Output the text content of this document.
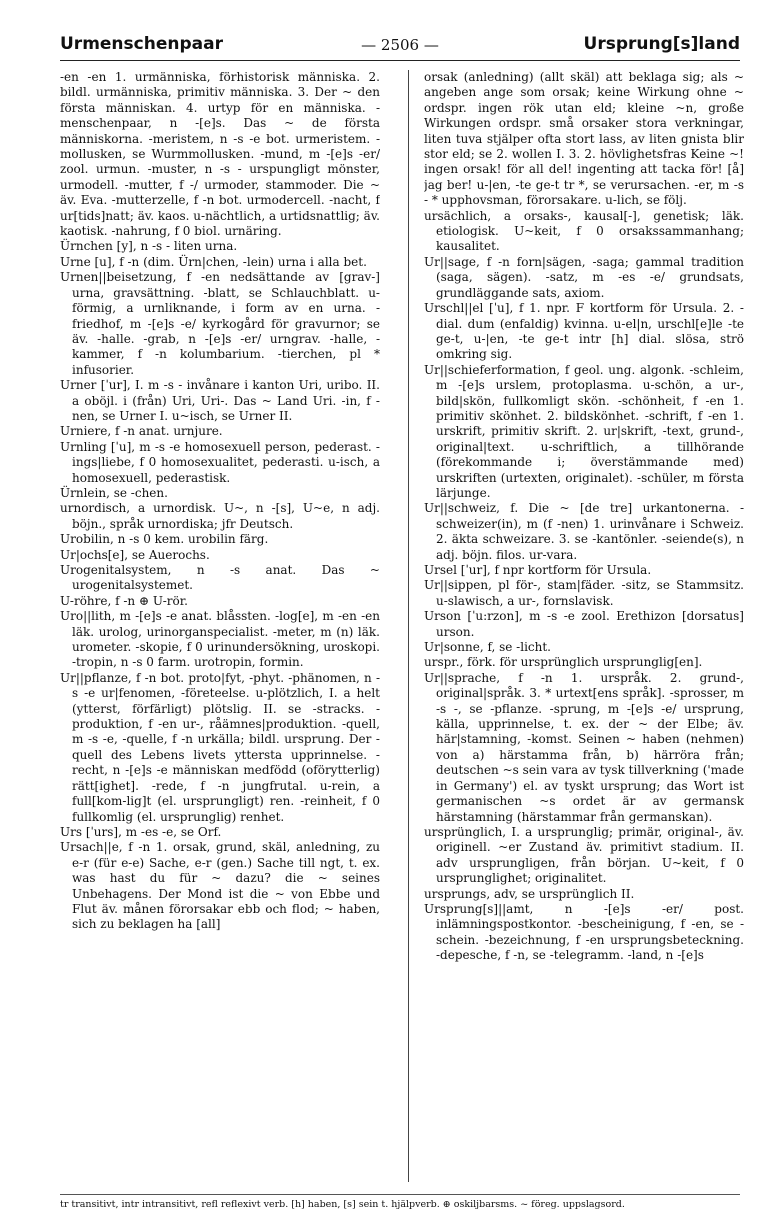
Urmenschenpaar	— 2506 —	Ursprung[s]land

-en -en 1. urmänniska, förhistorisk människa. 2. bildl. urmänniska, primitiv människa. 3. Der ~ den första människan. 4. urtyp för en människa. -menschenpaar, n -[e]s. Das ~ de första människorna. -meristem, n -s -e bot. urmeristem. -mollusken, se Wurmmollusken. -mund, m -[e]s -er/ zool. urmun. -muster, n -s - urspungligt mönster, urmodell. -mutter, f -/ urmoder, stammoder. Die ~ äv. Eva. -mutterzelle, f -n bot. urmodercell. -nacht, f ur[tids]natt; äv. kaos. u-nächtlich, a urtidsnattlig; äv. kaotisk. -nahrung, f 0 biol. urnäring.

Ürnchen [y], n -s - liten urna.

Urne [u], f -n (dim. Ürn|chen, -lein) urna i alla bet.

Urnen||beisetzung, f -en nedsättande av [grav-] urna, gravsättning. -blatt, se Schlauchblatt. u-förmig, a urnliknande, i form av en urna. -friedhof, m -[e]s -e/ kyrkogård för gravurnor; se äv. -halle. -grab, n -[e]s -er/ urngrav. -halle, -kammer, f -n kolumbarium. -tierchen, pl * infusorier.

Urner [ˈur], I. m -s - invånare i kanton Uri, uribo. II. a oböjl. i (från) Uri, Uri-. Das ~ Land Uri. -in, f -nen, se Urner I. u~isch, se Urner II.

Urniere, f -n anat. urnjure.

Urnling [ˈu], m -s -e homosexuell person, pederast. -ings|liebe, f 0 homosexualitet, pederasti. u-isch, a homosexuell, pederastisk.

Ürnlein, se -chen.

urnordisch, a urnordisk. U~, n -[s], U~e, n adj. böjn., språk urnordiska; jfr Deutsch.

Urobilin, n -s 0 kem. urobilin färg.

Ur|ochs[e], se Auerochs.

Urogenitalsystem, n -s anat. Das ~ urogenitalsystemet.

U-röhre, f -n ⊕ U-rör.

Uro||lith, m -[e]s -e anat. blåssten. -log[e], m -en -en läk. urolog, urinorganspecialist. -meter, m (n) läk. urometer. -skopie, f 0 urinundersökning, uroskopi. -tropin, n -s 0 farm. urotropin, formin.

Ur||pflanze, f -n bot. proto|fyt, -phyt. -phänomen, n -s -e ur|fenomen, -företeelse. u-plötzlich, I. a helt (ytterst, förfärligt) plötslig. II. se -stracks. -produktion, f -en ur-, råämnes|produktion. -quell, m -s -e, -quelle, f -n urkälla; bildl. ursprung. Der -quell des Lebens livets yttersta upprinnelse. -recht, n -[e]s -e människan medfödd (oförytterlig) rätt[ighet]. -rede, f -n jungfrutal. u-rein, a full[kom-lig]t (el. ursprungligt) ren. -reinheit, f 0 fullkomlig (el. ursprunglig) renhet.

Urs [ˈurs], m -es -e, se Orf.

Ursach||e, f -n 1. orsak, grund, skäl, anledning, zu e-r (für e-e) Sache, e-r (gen.) Sache till ngt, t. ex. was hast du für ~ dazu? die ~ seines Unbehagens. Der Mond ist die ~ von Ebbe und Flut äv. månen förorsakar ebb och flod; ~ haben, sich zu beklagen ha [all]

orsak (anledning) (allt skäl) att beklaga sig; als ~ angeben ange som orsak; keine Wirkung ohne ~ ordspr. ingen rök utan eld; kleine ~n, große Wirkungen ordspr. små orsaker stora verkningar, liten tuva stjälper ofta stort lass, av liten gnista blir stor eld; se 2. wollen I. 3. 2. hövlighetsfras Keine ~! ingen orsak! för all del! ingenting att tacka för! [å] jag ber! u-|en, -te ge-t tr *, se verursachen. -er, m -s - * upphovsman, förorsakare. u-lich, se följ.

ursächlich, a orsaks-, kausal[-], genetisk; läk. etiologisk. U~keit, f 0 orsakssammanhang; kausalitet.

Ur||sage, f -n forn|sägen, -saga; gammal tradition (saga, sägen). -satz, m -es -e/ grundsats, grundläggande sats, axiom.

Urschl||el [ˈu], f 1. npr. F kortform för Ursula. 2. - dial. dum (enfaldig) kvinna. u-el|n, urschl[e]le -te ge-t, u-|en, -te ge-t intr [h] dial. slösa, strö omkring sig.

Ur||schieferformation, f geol. ung. algonk. -schleim, m -[e]s urslem, protoplasma. u-schön, a ur-, bild|skön, fullkomligt skön. -schönheit, f -en 1. primitiv skönhet. 2. bildskönhet. -schrift, f -en 1. urskrift, primitiv skrift. 2. ur|skrift, -text, grund-, original|text. u-schriftlich, a tillhörande (förekommande i; överstämmande med) urskriften (urtexten, originalet). -schüler, m första lärjunge.

Ur||schweiz, f. Die ~ [de tre] urkantonerna. -schweizer(in), m (f -nen) 1. urinvånare i Schweiz. 2. äkta schweizare. 3. se -kantönler. -seiende(s), n adj. böjn. filos. ur-vara.

Ursel [ˈur], f npr kortform för Ursula.

Ur||sippen, pl för-, stam|fäder. -sitz, se Stammsitz. u-slawisch, a ur-, fornslavisk.

Urson [ˈu:rzon], m -s -e zool. Erethizon [dorsatus] urson.

Ur|sonne, f, se -licht.

urspr., förk. för ursprünglich ursprunglig[en].

Ur||sprache, f -n 1. urspråk. 2. grund-, original|språk. 3. * urtext[ens språk]. -sprosser, m -s -, se -pflanze. -sprung, m -[e]s -e/ ursprung, källa, upprinnelse, t. ex. der ~ der Elbe; äv. här|stamning, -komst. Seinen ~ haben (nehmen) von a) härstamma från, b) härröra från; deutschen ~s sein vara av tysk tillverkning ('made in Germany') el. av tyskt ursprung; das Wort ist germanischen ~s ordet är av germansk härstamning (härstammar från germanskan).

ursprünglich, I. a ursprunglig; primär, original-, äv. originell. ~er Zustand äv. primitivt stadium. II. adv ursprungligen, från början. U~keit, f 0 ursprunglighet; originalitet.

ursprungs, adv, se ursprünglich II.

Ursprung[s]||amt, n -[e]s -er/ post. inlämningspostkontor. -bescheinigung, f -en, se -schein. -bezeichnung, f -en ursprungsbeteckning. -depesche, f -n, se -telegramm. -land, n -[e]s

tr transitivt, intr intransitivt, refl reflexivt verb. [h] haben, [s] sein t. hjälpverb. ⊕ oskiljbarsms. ~ föreg. uppslagsord.
